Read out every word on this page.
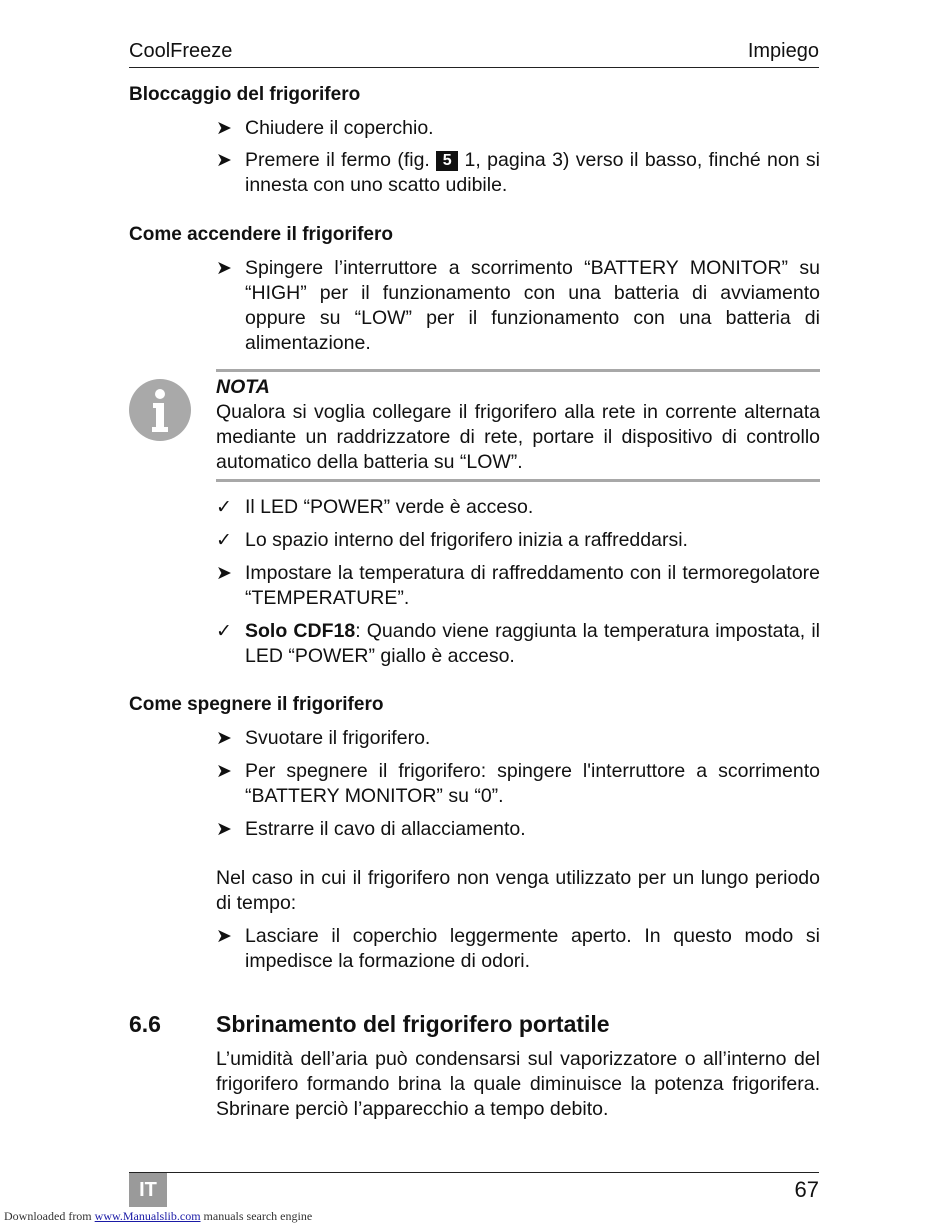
CoolFreeze	Impiego
Bloccaggio del frigorifero
➤ Chiudere il coperchio.
➤ Premere il fermo (fig. 5 1, pagina 3) verso il basso, finché non si innesta con uno scatto udibile.
Come accendere il frigorifero
➤ Spingere l’interruttore a scorrimento “BATTERY MONITOR” su “HIGH” per il funzionamento con una batteria di avviamento oppure su “LOW” per il funzionamento con una batteria di alimentazione.
NOTA
Qualora si voglia collegare il frigorifero alla rete in corrente alternata mediante un raddrizzatore di rete, portare il dispositivo di controllo automatico della batteria su “LOW”.
✓ Il LED “POWER” verde è acceso.
✓ Lo spazio interno del frigorifero inizia a raffreddarsi.
➤ Impostare la temperatura di raffreddamento con il termoregolatore “TEMPERATURE”.
✓ Solo CDF18: Quando viene raggiunta la temperatura impostata, il LED “POWER” giallo è acceso.
Come spegnere il frigorifero
➤ Svuotare il frigorifero.
➤ Per spegnere il frigorifero: spingere l'interruttore a scorrimento “BATTERY MONITOR” su “0”.
➤ Estrarre il cavo di allacciamento.
Nel caso in cui il frigorifero non venga utilizzato per un lungo periodo di tempo:
➤ Lasciare il coperchio leggermente aperto. In questo modo si impedisce la formazione di odori.
6.6 Sbrinamento del frigorifero portatile
L’umidità dell’aria può condensarsi sul vaporizzatore o all’interno del frigorifero formando brina la quale diminuisce la potenza frigorifera. Sbrinare perciò l’apparecchio a tempo debito.
IT	67
Downloaded from www.Manualslib.com manuals search engine
